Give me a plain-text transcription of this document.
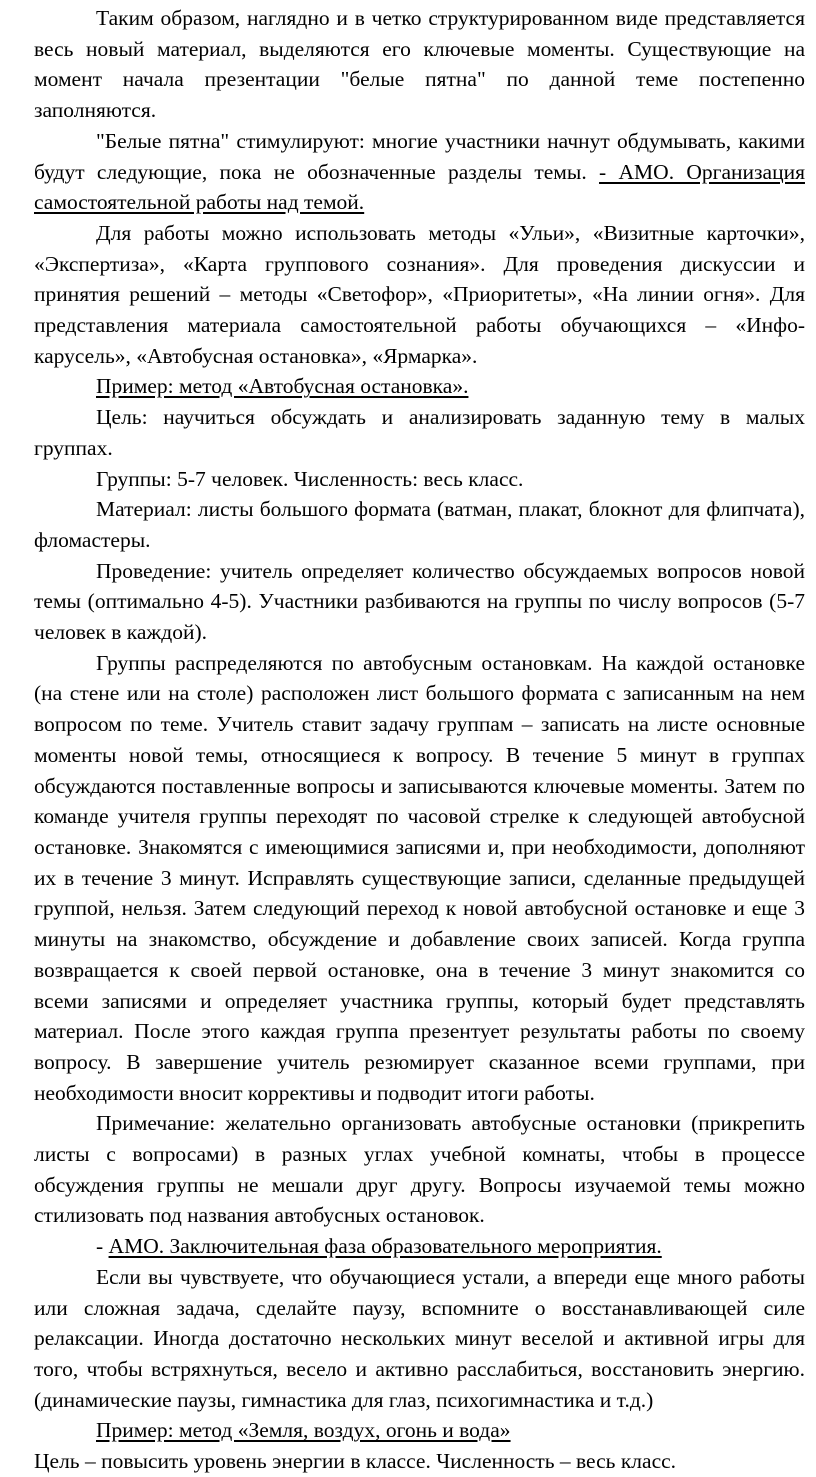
Таким образом, наглядно и в четко структурированном виде представляется весь новый материал, выделяются его ключевые моменты. Существующие на момент начала презентации "белые пятна" по данной теме постепенно заполняются.

"Белые пятна" стимулируют: многие участники начнут обдумывать, какими будут следующие, пока не обозначенные разделы темы. - АМО. Организация самостоятельной работы над темой.

Для работы можно использовать методы «Ульи», «Визитные карточки», «Экспертиза», «Карта группового сознания». Для проведения дискуссии и принятия решений – методы «Светофор», «Приоритеты», «На линии огня». Для представления материала самостоятельной работы обучающихся – «Инфо-карусель», «Автобусная остановка», «Ярмарка».

Пример: метод «Автобусная остановка».

Цель: научиться обсуждать и анализировать заданную тему в малых группах.

Группы: 5-7 человек. Численность: весь класс.

Материал: листы большого формата (ватман, плакат, блокнот для флипчата), фломастеры.

Проведение: учитель определяет количество обсуждаемых вопросов новой темы (оптимально 4-5). Участники разбиваются на группы по числу вопросов (5-7 человек в каждой).

Группы распределяются по автобусным остановкам. На каждой остановке (на стене или на столе) расположен лист большого формата с записанным на нем вопросом по теме. Учитель ставит задачу группам – записать на листе основные моменты новой темы, относящиеся к вопросу. В течение 5 минут в группах обсуждаются поставленные вопросы и записываются ключевые моменты. Затем по команде учителя группы переходят по часовой стрелке к следующей автобусной остановке. Знакомятся с имеющимися записями и, при необходимости, дополняют их в течение 3 минут. Исправлять существующие записи, сделанные предыдущей группой, нельзя. Затем следующий переход к новой автобусной остановке и еще 3 минуты на знакомство, обсуждение и добавление своих записей. Когда группа возвращается к своей первой остановке, она в течение 3 минут знакомится со всеми записями и определяет участника группы, который будет представлять материал. После этого каждая группа презентует результаты работы по своему вопросу. В завершение учитель резюмирует сказанное всеми группами, при необходимости вносит коррективы и подводит итоги работы.

Примечание: желательно организовать автобусные остановки (прикрепить листы с вопросами) в разных углах учебной комнаты, чтобы в процессе обсуждения группы не мешали друг другу. Вопросы изучаемой темы можно стилизовать под названия автобусных остановок.

- АМО. Заключительная фаза образовательного мероприятия.

Если вы чувствуете, что обучающиеся устали, а впереди еще много работы или сложная задача, сделайте паузу, вспомните о восстанавливающей силе релаксации. Иногда достаточно нескольких минут веселой и активной игры для того, чтобы встряхнуться, весело и активно расслабиться, восстановить энергию. (динамические паузы, гимнастика для глаз, психогимнастика и т.д.)

Пример: метод «Земля, воздух, огонь и вода»

Цель – повысить уровень энергии в классе. Численность – весь класс.
